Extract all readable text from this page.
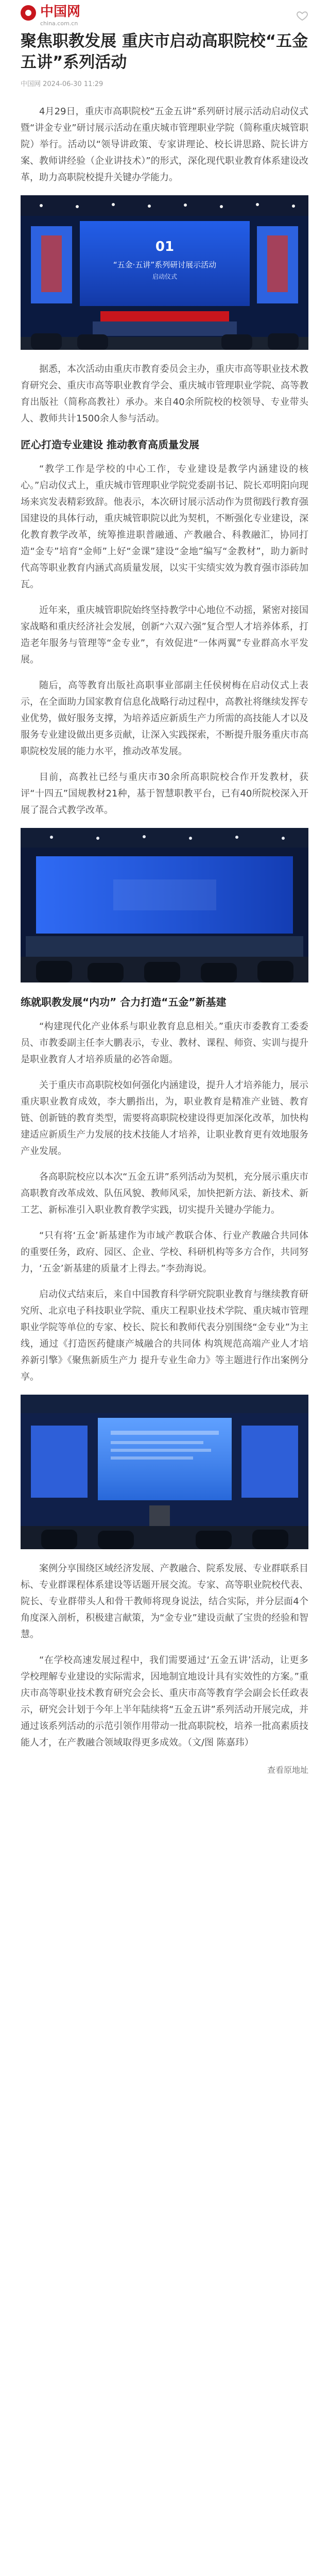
中国网
china.com.cn
聚焦职教发展 重庆市启动高职院校“五金五讲”系列活动
中国网 2024-06-30 11:29

4月29日，重庆市高职院校“五金五讲”系列研讨展示活动启动仪式暨“讲金专业”研讨展示活动在重庆城市管理职业学院（简称重庆城管职院）举行。活动以“领导讲政策、专家讲理论、校长讲思路、院长讲方案、教师讲经验（企业讲技术）”的形式，深化现代职业教育体系建设改革，助力高职院校提升关键办学能力。

01
“五金·五讲”系列研讨展示活动
启动仪式

据悉，本次活动由重庆市教育委员会主办，重庆市高等职业技术教育研究会、重庆市高等职业教育学会、重庆城市管理职业学院、高等教育出版社（简称高教社）承办。来自40余所院校的校领导、专业带头人、教师共计1500余人参与活动。

匠心打造专业建设 推动教育高质量发展

“教学工作是学校的中心工作，专业建设是教学内涵建设的核心。”启动仪式上，重庆城市管理职业学院党委副书记、院长邓明阳向现场来宾发表精彩致辞。他表示，本次研讨展示活动作为贯彻践行教育强国建设的具体行动，重庆城管职院以此为契机，不断强化专业建设，深化教育教学改革，统筹推进职普融通、产教融合、科教融汇，协同打造“金专”培育“金师”上好“金课”建设“金地”编写“金教材”，助力新时代高等职业教育内涵式高质量发展，以实干实绩实效为教育强市添砖加瓦。

近年来，重庆城管职院始终坚持教学中心地位不动摇，紧密对接国家战略和重庆经济社会发展，创新“六双六强”复合型人才培养体系，打造老年服务与管理等“金专业”，有效促进“一体两翼”专业群高水平发展。

随后，高等教育出版社高职事业部副主任侯树梅在启动仪式上表示，在全面助力国家教育信息化战略行动过程中，高教社将继续发挥专业优势，做好服务支撑，为培养适应新质生产力所需的高技能人才以及服务专业建设做出更多贡献，让深入实践探索，不断提升服务重庆市高职院校发展的能力水平，推动改革发展。

目前，高教社已经与重庆市30余所高职院校合作开发教材，获评“十四五”国规教材21种，基于智慧职教平台，已有40所院校深入开展了混合式教学改革。

练就职教发展“内功” 合力打造“五金”新基建

“构建现代化产业体系与职业教育息息相关。”重庆市委教育工委委员、市教委副主任李大鹏表示，专业、教材、课程、师资、实训与提升是职业教育人才培养质量的必答命题。

关于重庆市高职院校如何强化内涵建设，提升人才培养能力，展示重庆职业教育成效，李大鹏指出，为，职业教育是精准产业链、教育链、创新链的教育类型，需要将高职院校建设得更加深化改革，加快构建适应新质生产力发展的技术技能人才培养，让职业教育更有效地服务产业发展。

各高职院校应以本次“五金五讲”系列活动为契机，充分展示重庆市高职教育改革成效、队伍风貌、教师风采，加快把新方法、新技术、新工艺、新标准引入职业教育教学实践，切实提升关键办学能力。

“只有将‘五金’新基建作为市域产教联合体、行业产教融合共同体的重要任务，政府、园区、企业、学校、科研机构等多方合作，共同努力，‘五金’新基建的质量才上得去。”李劲海说。

启动仪式结束后，来自中国教育科学研究院职业教育与继续教育研究所、北京电子科技职业学院、重庆工程职业技术学院、重庆城市管理职业学院等单位的专家、校长、院长和教师代表分别围绕“金专业”为主线，通过《打造医药健康产城融合的共同体 构筑规范高端产业人才培养新引擎》《聚焦新质生产力 提升专业生命力》等主题进行作出案例分享。

案例分享围绕区域经济发展、产教融合、院系发展、专业群联系目标、专业群课程体系建设等话题开展交流。专家、高等职业院校代表、院长、专业群带头人和骨干教师将现身说法，结合实际，并分层面4个角度深入剖析，积极建言献策，为“金专业”建设贡献了宝贵的经验和智慧。

“在学校高速发展过程中，我们需要通过‘五金五讲’活动，让更多学校理解专业建设的实际需求，因地制宜地设计具有实效性的方案。”重庆市高等职业技术教育研究会会长、重庆市高等教育学会副会长任政表示，研究会计划于今年上半年陆续将“五金五讲”系列活动开展完成，并通过该系列活动的示范引领作用带动一批高职院校，培养一批高素质技能人才，在产教融合领域取得更多成效。（文/图 陈嘉玮）

查看原地址
